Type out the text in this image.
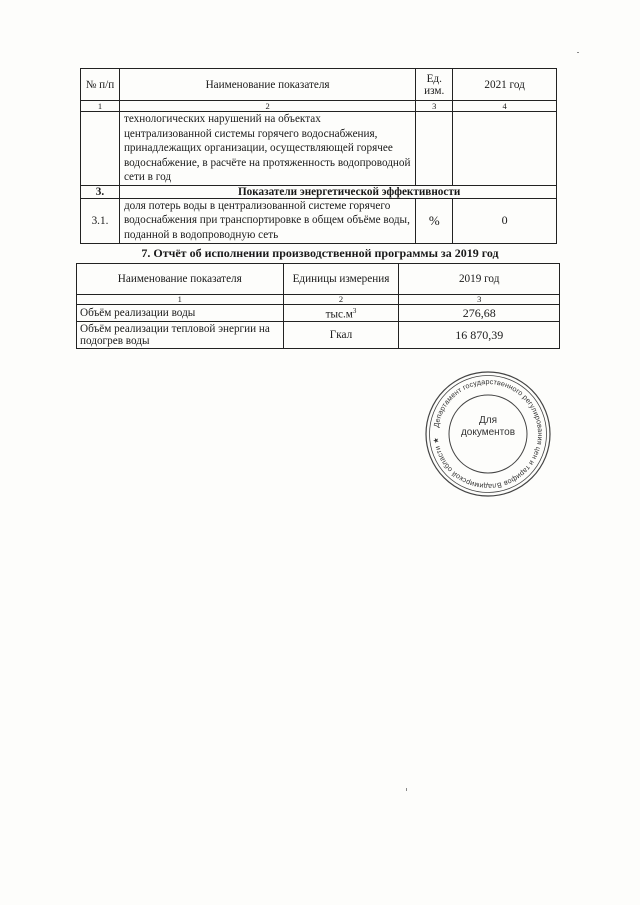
№ п/п	Наименование показателя	Ед. изм.	2021 год
1	2	3	4
	технологических нарушений на объектах централизованной системы горячего водоснабжения, принадлежащих организации, осуществляющей горячее водоснабжение, в расчёте на протяженность водопроводной сети в год		
3.	Показатели энергетической эффективности		
3.1.	доля потерь воды в централизованной системе горячего водоснабжения при транспортировке в общем объёме воды, поданной в водопроводную сеть	%	0
7. Отчёт об исполнении производственной программы за 2019 год
Наименование показателя	Единицы измерения	2019 год
1	2	3
Объём реализации воды	$тыс.м^3$	276,68
Объём реализации тепловой энергии на подогрев воды	Гкал	16 870,39
Департамент государственного регулирования цен и тарифов Владимирской области ★
Для
документов
